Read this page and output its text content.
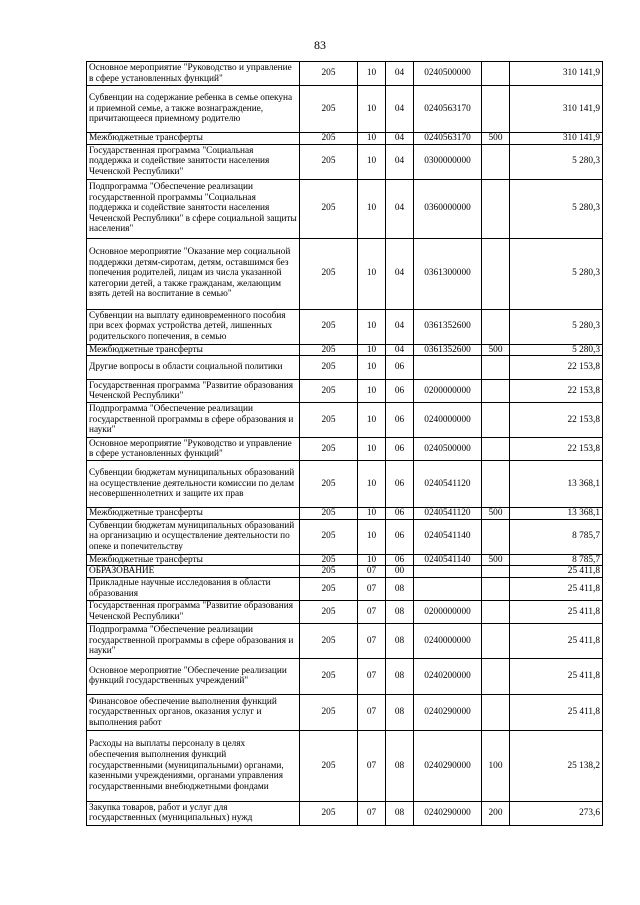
83
Основное мероприятие "Руководство и управление в сфере установленных функций"	205	10	04	0240500000		310 141,9
Субвенции на содержание ребенка в семье опекуна и приемной семье, а также вознаграждение, причитающееся приемному родителю	205	10	04	0240563170		310 141,9
Межбюджетные трансферты	205	10	04	0240563170	500	310 141,9
Государственная программа "Социальная поддержка и содействие занятости населения Чеченской Республики"	205	10	04	0300000000		5 280,3
Подпрограмма "Обеспечение реализации государственной программы "Социальная поддержка и содействие занятости населения Чеченской Республики" в сфере социальной защиты населения"	205	10	04	0360000000		5 280,3
Основное мероприятие "Оказание мер социальной поддержки детям-сиротам, детям, оставшимся без попечения родителей, лицам из числа указанной категории детей, а также гражданам, желающим взять детей на воспитание в семью"	205	10	04	0361300000		5 280,3
Субвенции на выплату единовременного пособия при всех формах устройства детей, лишенных родительского попечения, в семью	205	10	04	0361352600		5 280,3
Межбюджетные трансферты	205	10	04	0361352600	500	5 280,3
Другие вопросы в области социальной политики	205	10	06			22 153,8
Государственная программа "Развитие образования Чеченской Республики"	205	10	06	0200000000		22 153,8
Подпрограмма "Обеспечение реализации государственной программы в сфере образования и науки"	205	10	06	0240000000		22 153,8
Основное мероприятие "Руководство и управление в сфере установленных функций"	205	10	06	0240500000		22 153,8
Субвенции бюджетам муниципальных образований на осуществление деятельности комиссии по делам несовершеннолетних и защите их прав	205	10	06	0240541120		13 368,1
Межбюджетные трансферты	205	10	06	0240541120	500	13 368,1
Субвенции бюджетам муниципальных образований на организацию и осуществление деятельности по опеке и попечительству	205	10	06	0240541140		8 785,7
Межбюджетные трансферты	205	10	06	0240541140	500	8 785,7
ОБРАЗОВАНИЕ	205	07	00			25 411,8
Прикладные научные исследования в области образования	205	07	08			25 411,8
Государственная программа "Развитие образования Чеченской Республики"	205	07	08	0200000000		25 411,8
Подпрограмма "Обеспечение реализации государственной программы в сфере образования и науки"	205	07	08	0240000000		25 411,8
Основное мероприятие "Обеспечение реализации функций государственных учреждений"	205	07	08	0240200000		25 411,8
Финансовое обеспечение выполнения функций государственных органов, оказания услуг и выполнения работ	205	07	08	0240290000		25 411,8
Расходы на выплаты персоналу в целях обеспечения выполнения функций государственными (муниципальными) органами, казенными учреждениями, органами управления государственными внебюджетными фондами	205	07	08	0240290000	100	25 138,2
Закупка товаров, работ и услуг для государственных (муниципальных) нужд	205	07	08	0240290000	200	273,6
